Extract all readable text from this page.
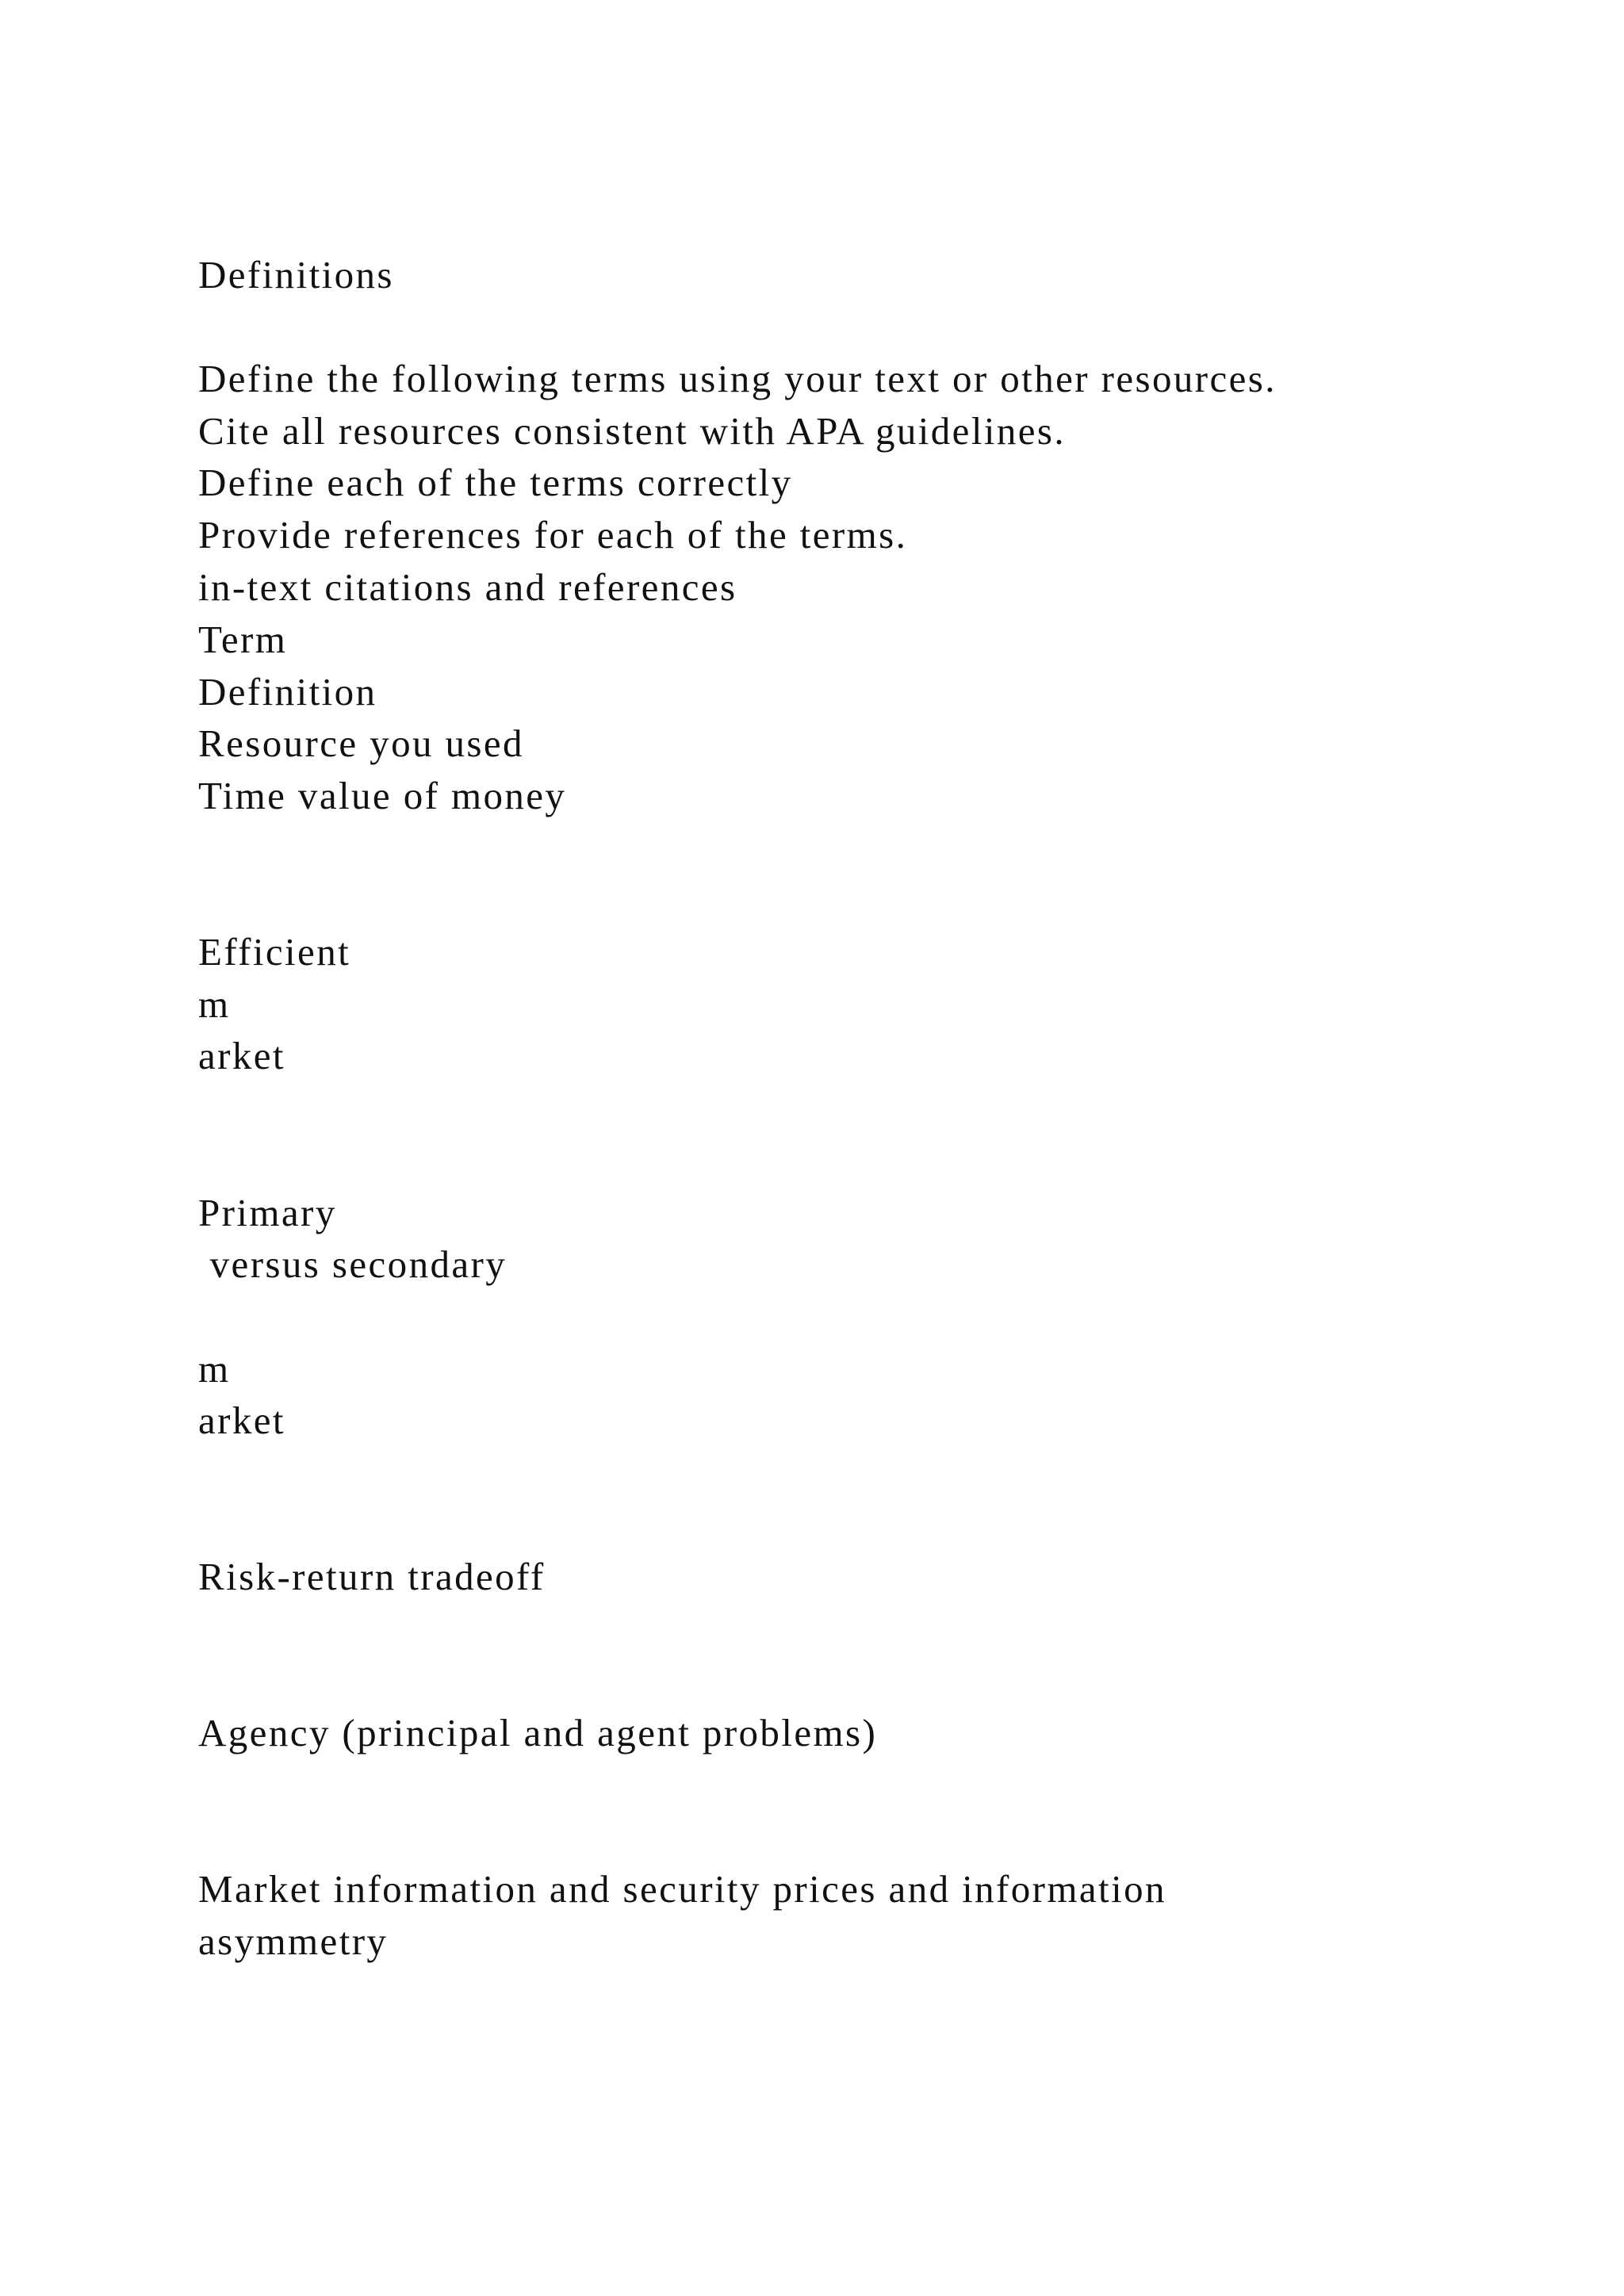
Definitions
Define the following terms using your text or other resources.
Cite all resources consistent with APA guidelines.
Define each of the terms correctly
Provide references for each of the terms.
in-text citations and references
Term
Definition
Resource you used
Time value of money
Efficient
m
arket
Primary
versus secondary
m
arket
Risk-return tradeoff
Agency (principal and agent problems)
Market information and security prices and information
asymmetry
